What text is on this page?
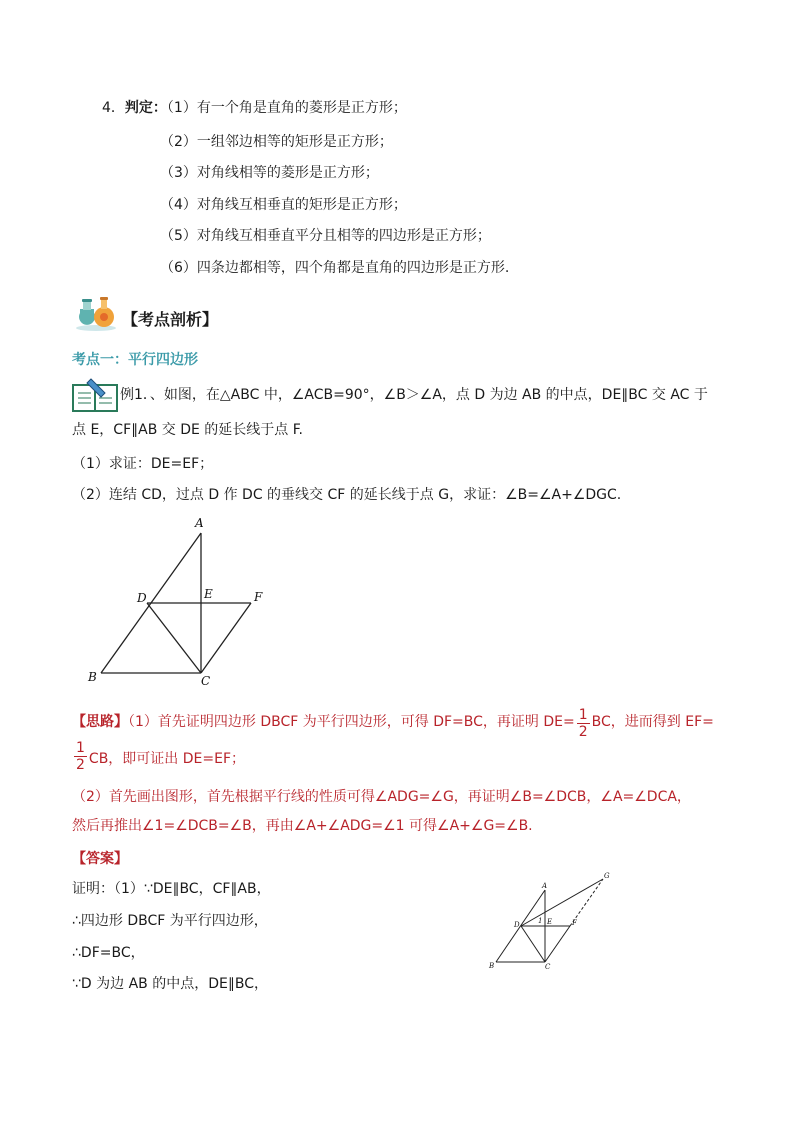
4．判定：（1）有一个角是直角的菱形是正方形；
（2）一组邻边相等的矩形是正方形；
（3）对角线相等的菱形是正方形；
（4）对角线互相垂直的矩形是正方形；
（5）对角线互相垂直平分且相等的四边形是正方形；
（6）四条边都相等，四个角都是直角的四边形是正方形.
【考点剖析】
考点一：平行四边形
例1．、如图，在△ABC 中，∠ACB=90°，∠B＞∠A，点 D 为边 AB 的中点，DE∥BC 交 AC 于
点 E，CF∥AB 交 DE 的延长线于点 F.
（1）求证：DE=EF；
（2）连结 CD，过点 D 作 DC 的垂线交 CF 的延长线于点 G，求证：∠B=∠A+∠DGC.
A
D	E	F
B	C
【思路】（1）首先证明四边形 DBCF 为平行四边形，可得 DF=BC，再证明 $DE= \frac{1}{2}$ BC，进而得到 EF=
$\frac{1}{2}$ CB，即可证出 DE=EF；
（2）首先画出图形，首先根据平行线的性质可得∠ADG=∠G，再证明∠B=∠DCB，∠A=∠DCA，
然后再推出∠1=∠DCB=∠B，再由∠A+∠ADG=∠1 可得∠A+∠G=∠B.
【答案】
证明：（1）∵DE∥BC，CF∥AB，
∴四边形 DBCF 为平行四边形，
∴DF=BC，
∵D 为边 AB 的中点，DE∥BC，
A
D	E
1	F
G
B	C
